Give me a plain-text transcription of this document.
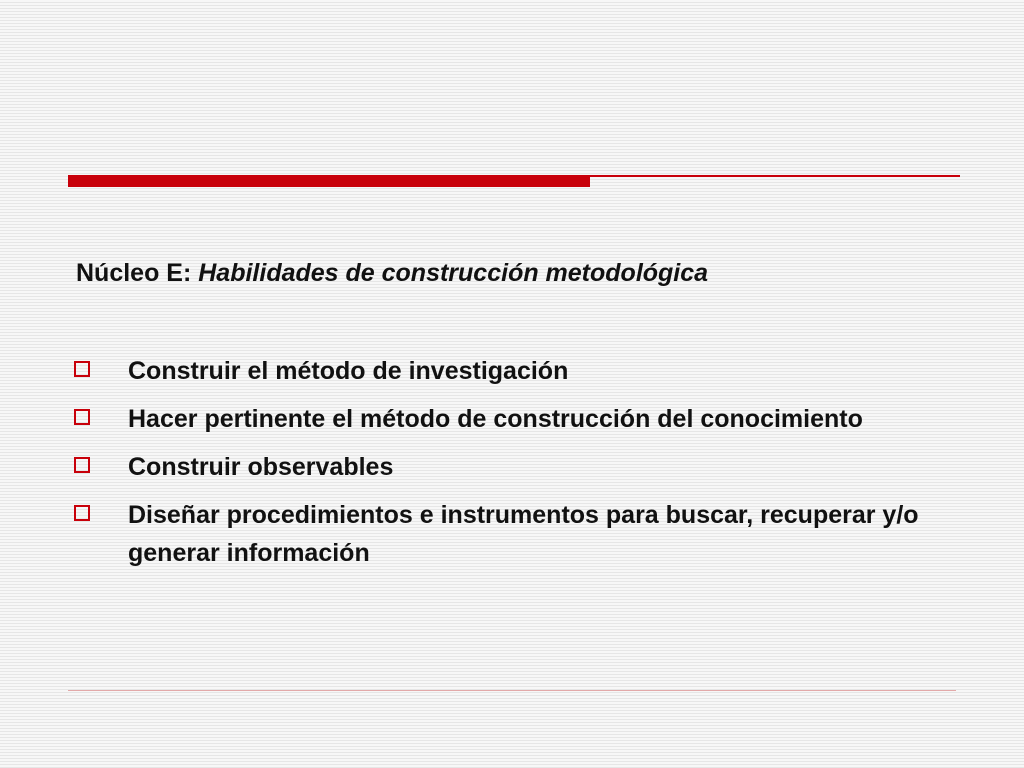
Núcleo E: Habilidades de construcción metodológica
Construir el método de investigación
Hacer pertinente el método de construcción del conocimiento
Construir observables
Diseñar procedimientos e instrumentos para buscar, recuperar y/o generar información
